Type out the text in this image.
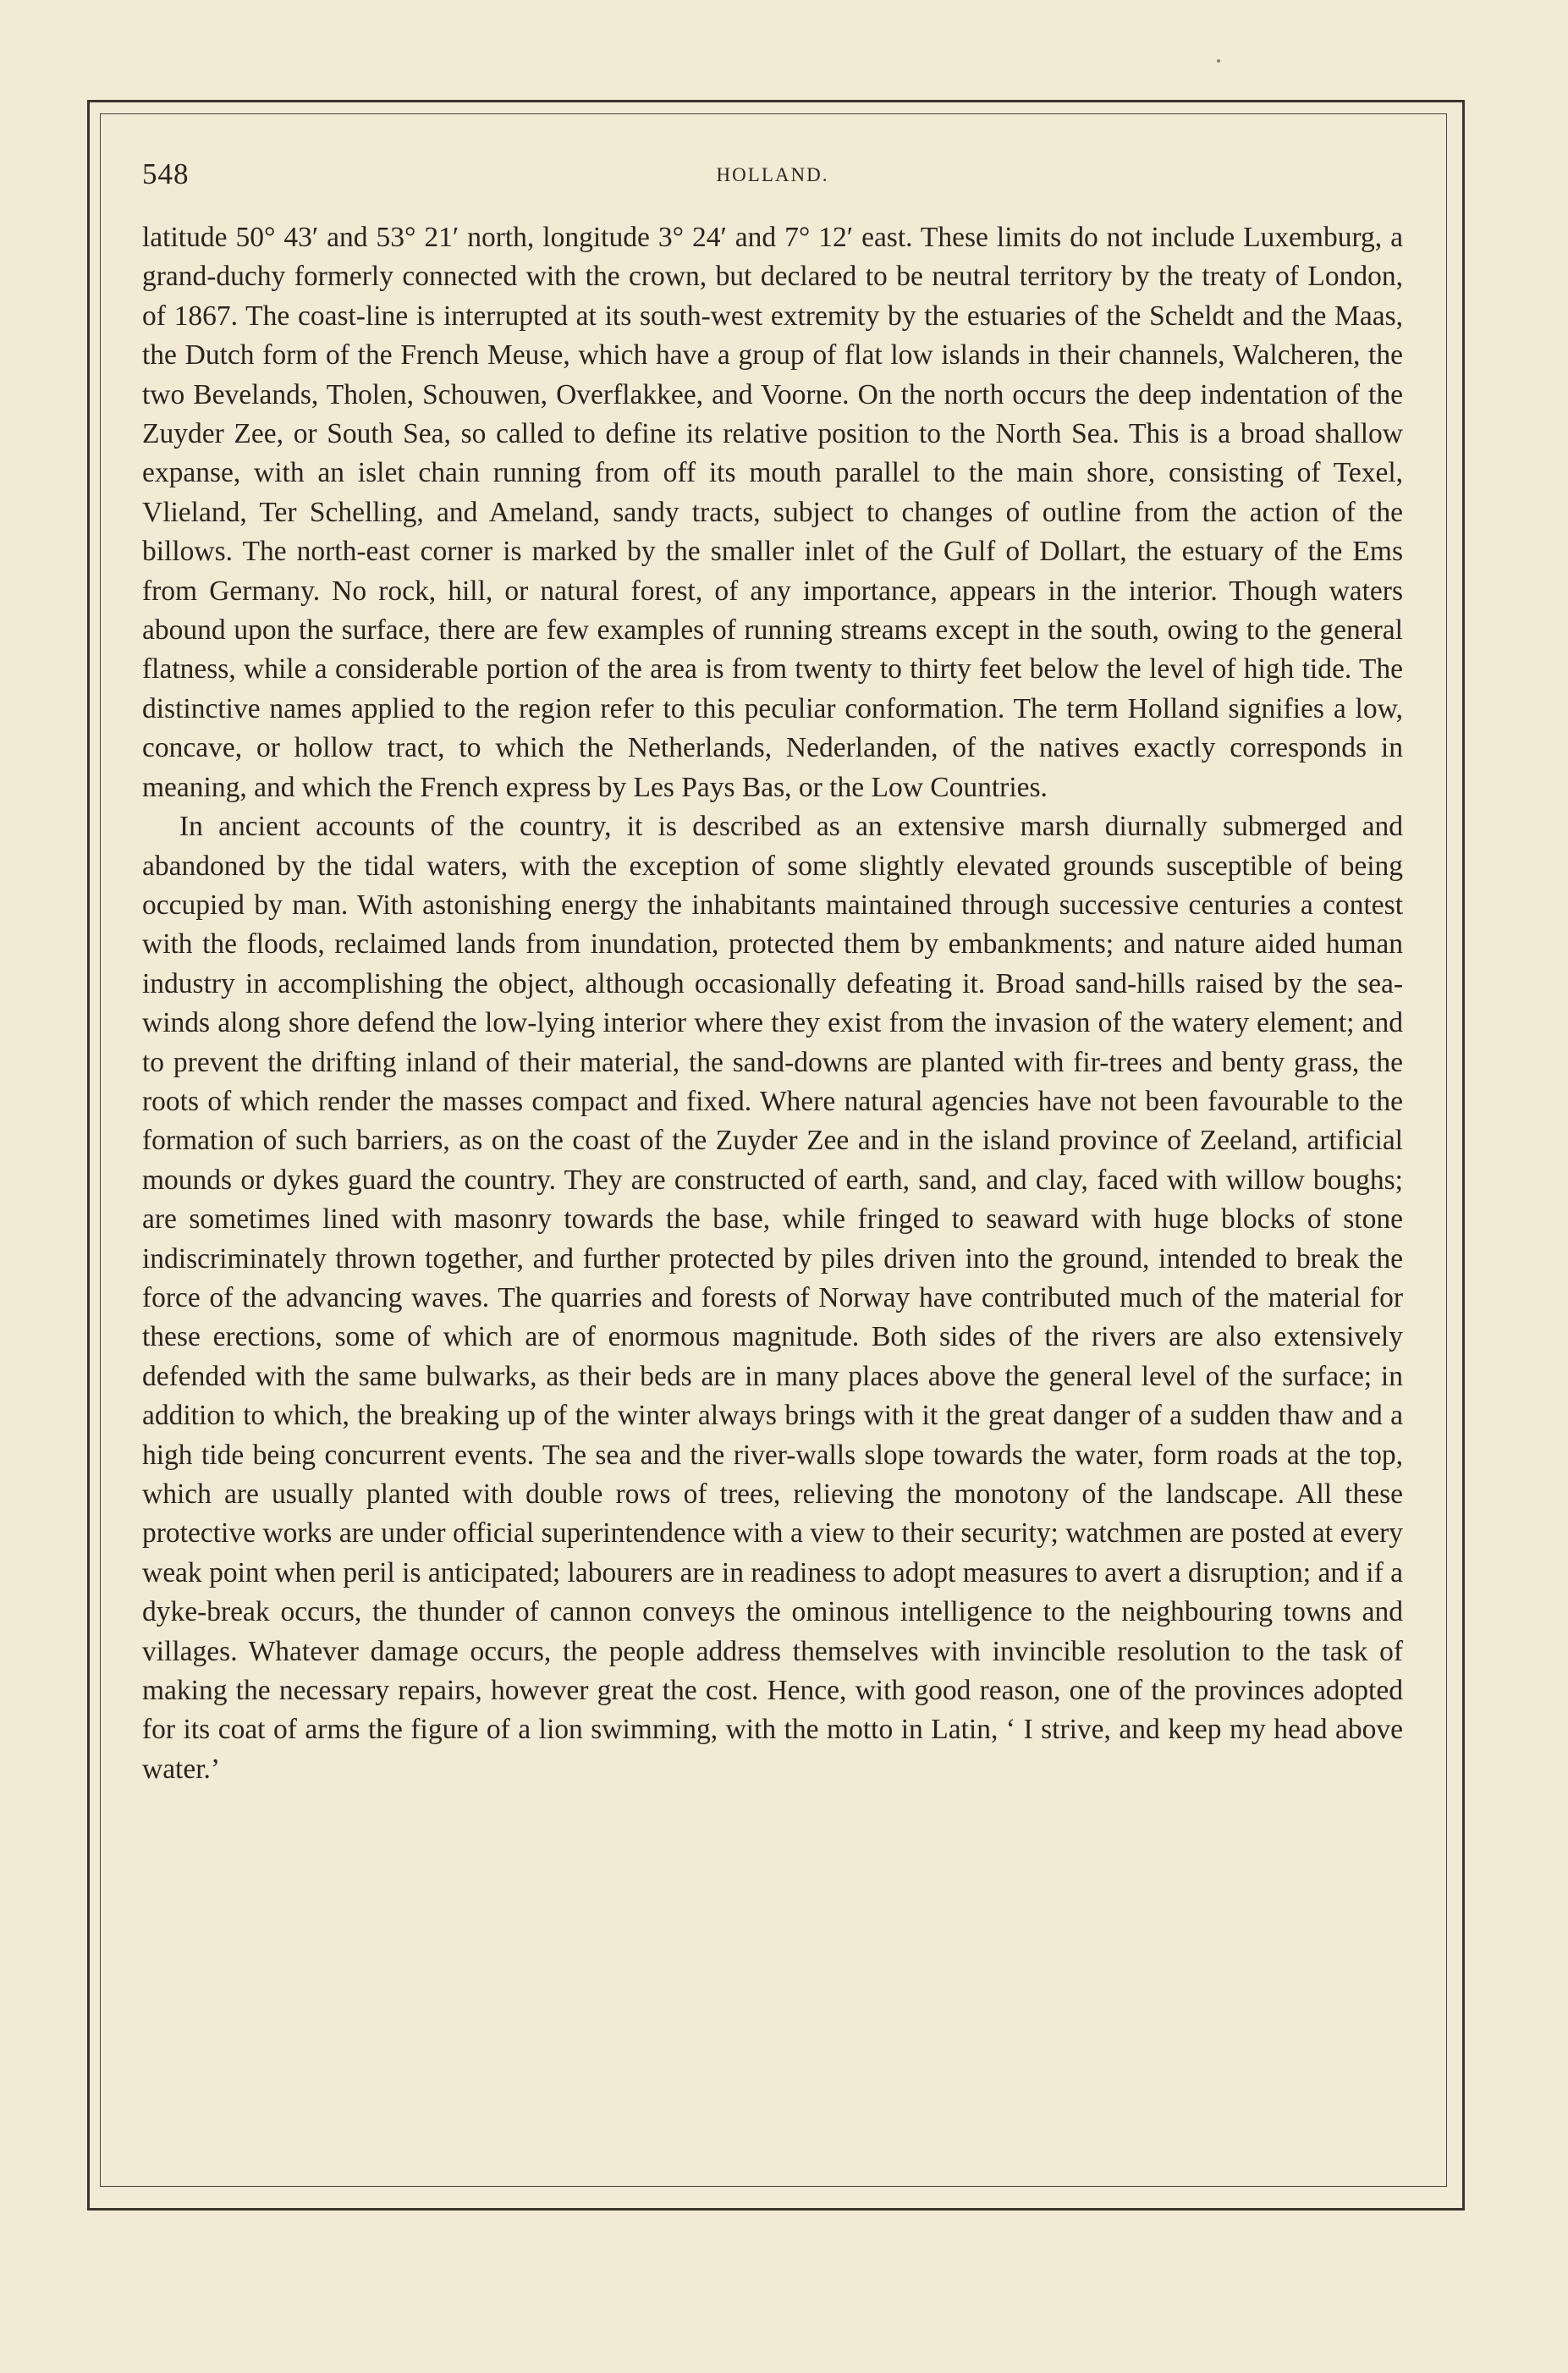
548	HOLLAND.

latitude 50° 43′ and 53° 21′ north, longitude 3° 24′ and 7° 12′ east. These limits do not include Luxemburg, a grand-duchy formerly connected with the crown, but declared to be neutral territory by the treaty of London, of 1867. The coast-line is interrupted at its south-west extremity by the estuaries of the Scheldt and the Maas, the Dutch form of the French Meuse, which have a group of flat low islands in their channels, Walcheren, the two Bevelands, Tholen, Schouwen, Overflakkee, and Voorne. On the north occurs the deep indentation of the Zuyder Zee, or South Sea, so called to define its relative position to the North Sea. This is a broad shallow expanse, with an islet chain running from off its mouth parallel to the main shore, consisting of Texel, Vlieland, Ter Schelling, and Ameland, sandy tracts, subject to changes of outline from the action of the billows. The north-east corner is marked by the smaller inlet of the Gulf of Dollart, the estuary of the Ems from Germany. No rock, hill, or natural forest, of any importance, appears in the interior. Though waters abound upon the surface, there are few examples of running streams except in the south, owing to the general flatness, while a considerable portion of the area is from twenty to thirty feet below the level of high tide. The distinctive names applied to the region refer to this peculiar conformation. The term Holland signifies a low, concave, or hollow tract, to which the Netherlands, Nederlanden, of the natives exactly corresponds in meaning, and which the French express by Les Pays Bas, or the Low Countries.

In ancient accounts of the country, it is described as an extensive marsh diurnally submerged and abandoned by the tidal waters, with the exception of some slightly elevated grounds susceptible of being occupied by man. With astonishing energy the inhabitants maintained through successive centuries a contest with the floods, reclaimed lands from inundation, protected them by embankments; and nature aided human industry in accomplishing the object, although occasionally defeating it. Broad sand-hills raised by the sea-winds along shore defend the low-lying interior where they exist from the invasion of the watery element; and to prevent the drifting inland of their material, the sand-downs are planted with fir-trees and benty grass, the roots of which render the masses compact and fixed. Where natural agencies have not been favourable to the formation of such barriers, as on the coast of the Zuyder Zee and in the island province of Zeeland, artificial mounds or dykes guard the country. They are constructed of earth, sand, and clay, faced with willow boughs; are sometimes lined with masonry towards the base, while fringed to seaward with huge blocks of stone indiscriminately thrown together, and further protected by piles driven into the ground, intended to break the force of the advancing waves. The quarries and forests of Norway have contributed much of the material for these erections, some of which are of enormous magnitude. Both sides of the rivers are also extensively defended with the same bulwarks, as their beds are in many places above the general level of the surface; in addition to which, the breaking up of the winter always brings with it the great danger of a sudden thaw and a high tide being concurrent events. The sea and the river-walls slope towards the water, form roads at the top, which are usually planted with double rows of trees, relieving the monotony of the landscape. All these protective works are under official superintendence with a view to their security; watchmen are posted at every weak point when peril is anticipated; labourers are in readiness to adopt measures to avert a disruption; and if a dyke-break occurs, the thunder of cannon conveys the ominous intelligence to the neighbouring towns and villages. Whatever damage occurs, the people address themselves with invincible resolution to the task of making the necessary repairs, however great the cost. Hence, with good reason, one of the provinces adopted for its coat of arms the figure of a lion swimming, with the motto in Latin, ‘ I strive, and keep my head above water.’
